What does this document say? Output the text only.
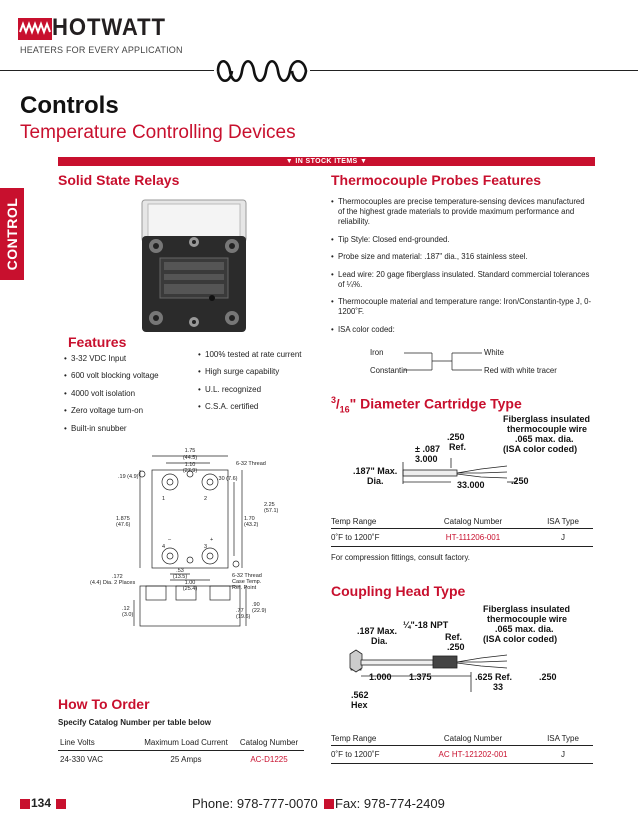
HOTWATT
HEATERS FOR EVERY APPLICATION
Controls
Temperature Controlling Devices
▼ IN STOCK ITEMS ▼
CONTROL
Solid State Relays
Features
• 3-32 VDC Input
• 600 volt blocking voltage
• 4000 volt isolation
• Zero voltage turn-on
• Built-in snubber
• 100% tested at rate current
• High surge capability
• U.L. recognized
• C.S.A. certified
1.75
(44.5)
1.10
(27.9)
6-32 Thread
.19 (4.9)	.30 (7.6)
2.25
(57.1)
1.70
(43.2)
1.875
(47.6)
.172
(4.4) Dia. 2 Places
.53
(13.5)
1.00
(25.4)
6-32 Thread
Case Temp.
Ref. Point
.12
(3.0)
.77
(19.6)
.90
(22.9)
1	2
4	3
–	+
How To Order
Specify Catalog Number per table below
Line Volts	Maximum Load Current	Catalog Number
24-330 VAC	25 Amps	AC-D1225
Thermocouple Probes Features
• Thermocouples are precise temperature-sensing devices manufactured of the highest grade materials to provide maximum performance and reliability.
• Tip Style: Closed end-grounded.
• Probe size and material: .187" dia., 316 stainless steel.
• Lead wire: 20 gage fiberglass insulated. Standard commercial tolerances of ¼%.
• Thermocouple material and temperature range: Iron/Constantin-type J, 0-1200˚F.
• ISA color coded:
Iron	White
Constantin	Red with white tracer
$^3/_{16}$" Diameter Cartridge Type
Fiberglass insulated
thermocouple wire
.065 max. dia.
(ISA color coded)
.250
Ref.
± .087
3.000
.187" Max.
Dia.	33.000	.250
Temp Range	Catalog Number	ISA Type
0˚F to 1200˚F	HT-111206-001	J
For compression fittings, consult factory.
Coupling Head Type
Fiberglass insulated
thermocouple wire
.065 max. dia.
(ISA color coded)
¼"-18 NPT
.187 Max.
Dia.	Ref.
.250
1.000 1.375	.625 Ref.
33
.250
.562
Hex
Temp Range	Catalog Number	ISA Type
0˚F to 1200˚F	AC HT-121202-001	J
134	Phone: 978-777-0070 Fax: 978-774-2409
